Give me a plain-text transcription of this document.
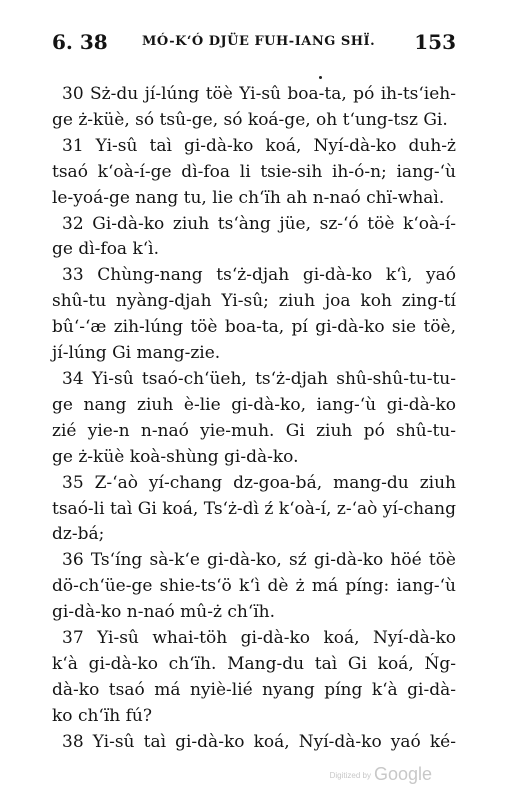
6. 38	MÓ-K‘Ó DJÜE FUH-IANG SHÏ. 153
30 Sż-du jí-lúng töè Yi-sû boa-ta, pó ih-ts‘ieh-
ge ż-küè, só tsû-ge, só koá-ge, oh t‘ung-tsz Gi.
31 Yi-sû taì gi-dà-ko koá, Nyí-dà-ko duh-ż
tsaó k‘oà-í-ge dì-foa li tsie-sih ih-ó-n; iang-‘ù
le-yoá-ge nang tu, lie ch‘ïh ah n-naó chï-whaì.
32 Gi-dà-ko ziuh ts‘àng jüe, sz-‘ó töè k‘oà-í-
ge dì-foa k‘ì.
33 Chùng-nang ts‘ż-djah gi-dà-ko k‘ì, yaó
shû-tu nyàng-djah Yi-sû; ziuh joa koh zing-tí
bû‘-‘æ zih-lúng töè boa-ta, pí gi-dà-ko sie töè,
jí-lúng Gi mang-zie.
34 Yi-sû tsaó-ch‘üeh, ts‘ż-djah shû-shû-tu-tu-
ge nang ziuh è-lie gi-dà-ko, iang-‘ù gi-dà-ko
zié yie-n n-naó yie-muh. Gi ziuh pó shû-tu-
ge ż-küè koà-shùng gi-dà-ko.
35 Z-‘aò yí-chang dz-goa-bá, mang-du ziuh
tsaó-li taì Gi koá, Ts‘ż-dì ź k‘oà-í, z-‘aò yí-chang
dz-bá;
36 Ts‘íng sà-k‘e gi-dà-ko, sź gi-dà-ko höé töè
dö-ch‘üe-ge shie-ts‘ö k‘ì dè ż má píng: iang-‘ù
gi-dà-ko n-naó mû-ż ch‘ïh.
37 Yi-sû whai-töh gi-dà-ko koá, Nyí-dà-ko
k‘à gi-dà-ko ch‘ïh. Mang-du taì Gi koá, Ńg-
dà-ko tsaó má nyiè-lié nyang píng k‘à gi-dà-
ko ch‘ïh fú?
38 Yi-sû taì gi-dà-ko koá, Nyí-dà-ko yaó ké-
Digitized by Google
